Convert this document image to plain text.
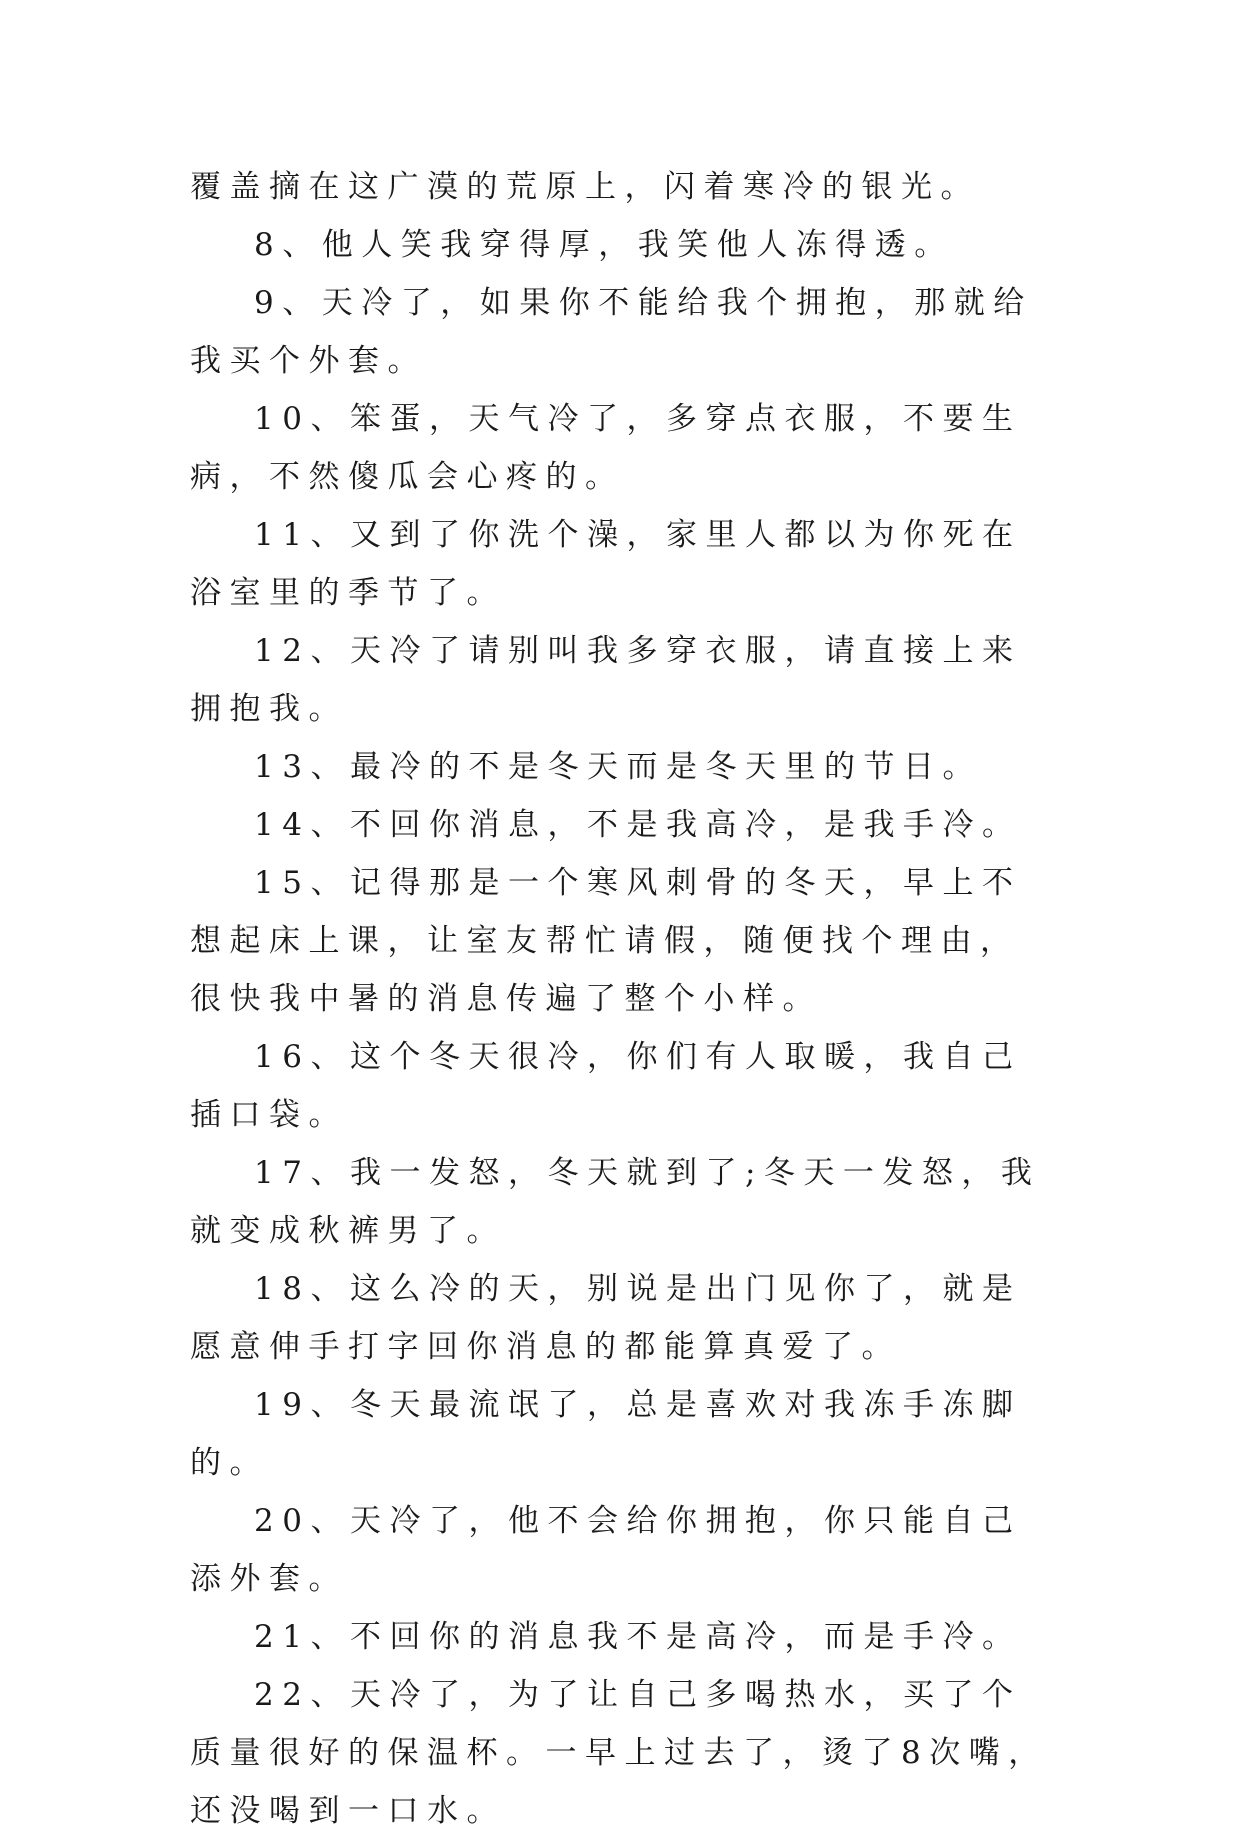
覆盖摘在这广漠的荒原上，闪着寒冷的银光。

8、他人笑我穿得厚，我笑他人冻得透。

9、天冷了，如果你不能给我个拥抱，那就给我买个外套。

10、笨蛋，天气冷了，多穿点衣服，不要生病，不然傻瓜会心疼的。

11、又到了你洗个澡，家里人都以为你死在浴室里的季节了。

12、天冷了请别叫我多穿衣服，请直接上来拥抱我。

13、最冷的不是冬天而是冬天里的节日。

14、不回你消息，不是我高冷，是我手冷。

15、记得那是一个寒风刺骨的冬天，早上不想起床上课，让室友帮忙请假，随便找个理由，很快我中暑的消息传遍了整个小样。

16、这个冬天很冷，你们有人取暖，我自己插口袋。

17、我一发怒，冬天就到了;冬天一发怒，我就变成秋裤男了。

18、这么冷的天，别说是出门见你了，就是愿意伸手打字回你消息的都能算真爱了。

19、冬天最流氓了，总是喜欢对我冻手冻脚的。

20、天冷了，他不会给你拥抱，你只能自己添外套。

21、不回你的消息我不是高冷，而是手冷。

22、天冷了，为了让自己多喝热水，买了个质量很好的保温杯。一早上过去了，烫了8次嘴，还没喝到一口水。
